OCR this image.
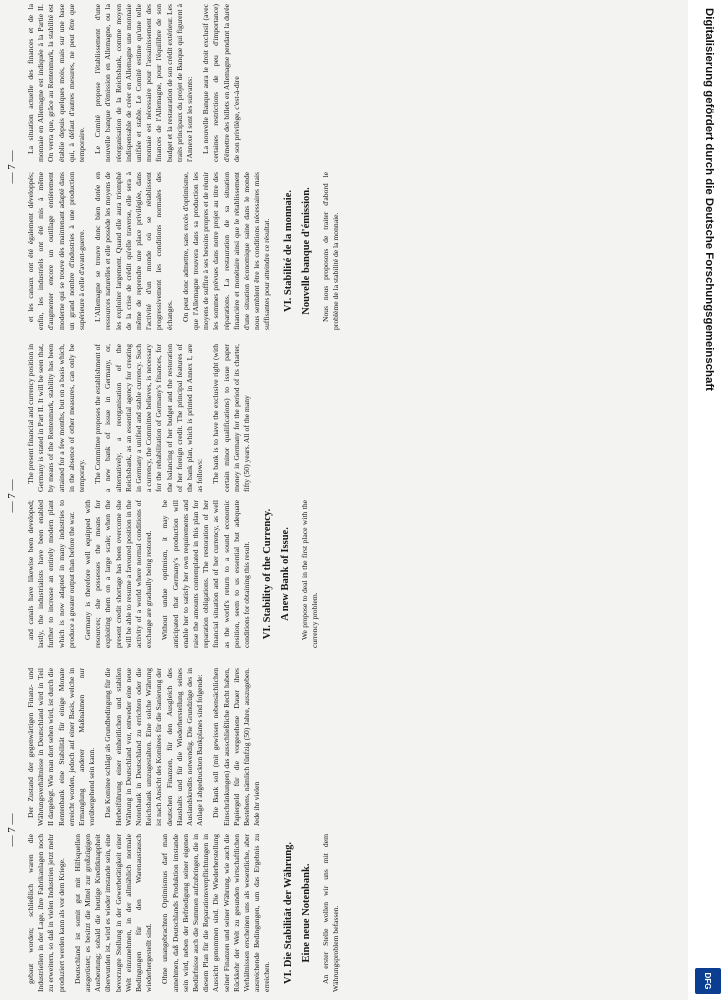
— 7 —

gebaut worden; schließlich waren die Industriellen in der Lage, ihre Fabrikanlagen noch zu erweitern, so daß in vielen Industrien jetzt mehr produziert werden kann als vor dem Kriege. Deutschland ist somit gut mit Hilfsquellen ausgerüstet; es besitzt die Mittel zur großzügigen Ausbeutung; sobald die heutige Kreditknappheit überwunden ist, wird es wieder imstande sein, eine bevorzugte Stellung in der Gewerbetätigkeit einer Welt einzunehmen, in der allmählich normale Bedingungen für den Warenaustausch wiederhergestellt sind. Ohne unangebrachten Optimismus darf man annehmen, daß Deutschlands Produktion imstande sein wird, neben der Befriedigung seiner eigenen Bedürfnisse auch die Summen aufzubringen, die in diesem Plan für die Reparationsverpflichtungen in Aussicht genommen sind. Die Wiederherstellung seiner Finanzen und seiner Währung, wie auch die Rückkehr der Welt zu gesunden wirtschaftlichen Verhältnissen erscheinen uns als wesentliche, aber ausreichende Bedingungen, um das Ergebnis zu erreichen. VI. Die Stabilität der Währung. Eine neue Notenbank. An erster Stelle wollen wir uns mit dem Währungsproblem befassen.

Der Zustand der gegenwärtigen Finanz- und Währungsverhältnisse in Deutschland wird in Teil II dargelegt. Wie man dort sehen wird, ist durch die Rentenbank eine Stabilität für einige Monate erreicht worden, jedoch auf einer Basis, welche in Ermanglung anderer Maßnahmen nur vorübergehend sein kann. Das Komitee schlägt als Grundbedingung für die Herbeiführung einer einheitlichen und stabilen Währung in Deutschland vor, entweder eine neue Notenbank in Deutschland zu errichten oder die Reichsbank umzugestalten. Eine solche Währung ist nach Ansicht des Komitees für die Sanierung der deutschen Finanzen, für den Ausgleich des Haushalts und für die Wiederherstellung seines Auslandskredits notwendig. Die Grundzüge des in Anlage I abgedruckten Bankplanes sind folgende: Die Bank soll (mit gewissen nebensächlichen Einschränkungen) das ausschließliche Recht haben, Papiergeld für die vorgesehene Dauer ihres Bestehens, nämlich fünfzig (50) Jahre, auszugeben. Jede ihr vielen

— 7 —

and canals have likewise been developed; lastly, the industrialists have been enabled further to increase an entirely modern plant which is now adapted in many industries to produce a greater output than before the war. Germany is therefore well equipped with resources; she possesses the means for exploiting them on a large scale; when the present credit shortage has been overcome she will be able to resume a favoured position in the activity of a world where normal conditions of exchange are gradually being restored. Without undue optimism, it may be anticipated that Germany's production will enable her to satisfy her own requirements and raise the amounts contemplated in this plan for reparation obligations. The restoration of her financial situation and of her currency, as well as the world's return to a sound economic position, seem to us essential but adequate conditions for obtaining this result. VI. Stability of the Currency. A new Bank of Issue. We propose to deal in the first place with the currency problem.

The present financial and currency position in Germany is stated in Part II. It will be seen that, by means of the Rentenmark, stability has been attained for a few months, but on a basis which, in the absence of other measures, can only be temporary. The Committee proposes the establishment of a new bank of issue in Germany, or, alternatively, a reorganisation of the Reichsbank, as an essential agency for creating in Germany a unified and stable currency. Such a currency, the Committee believes, is necessary for the rehabilitation of Germany's finances, for the balancing of her budget and the restoration of her foreign credit. The principal features of the bank plan, which is printed in Annex I, are as follows: The bank is to have the exclusive right (with certain minor qualifications) to issue paper money in Germany for the period of its charter, fifty (50) years. All of the many

— 7 —

et les canaux ont été également développés; enfin, les industriels ont été mis à même d'augmenter encore un outillage entièrement moderne qui se trouve dès maintenant adapté dans un grand nombre d'industries à une production supérieure à celle d'avant-guerre. L'Allemagne se trouve donc bien dotée en ressources naturelles et elle possède les moyens de les exploiter largement. Quand elle aura triomphé de la crise de crédit qu'elle traverse, elle sera à même de reprendre une place privilégiée, dans l'activité d'un monde où se rétablissent progressivement les conditions normales des échanges. On peut donc admettre, sans excès d'optimisme, que l'Allemagne trouvera dans sa production les moyens de suffire à ses besoins propres et de réunir les sommes prévues dans notre projet au titre des réparations. La restauration de sa situation financière et monétaire ainsi que le rétablissement d'une situation économique saine dans le monde nous semblent être les conditions nécessaires mais suffisantes pour atteindre ce résultat. VI. Stabilité de la monnaie. Nouvelle banque d'émission. Nous nous proposons de traiter d'abord le problème de la stabilité de la monnaie.

La situation actuelle des finances et de la monnaie en Allemagne est indiquée à la Partie II. On verra que, grâce au Rentenmark, la stabilité est établie depuis quelques mois, mais sur une base qui, à défaut d'autres mesures, ne peut être que temporaire. Le Comité propose l'établissement d'une nouvelle banque d'émission en Allemagne, ou la réorganisation de la Reichsbank, comme moyen indispensable de créer en Allemagne une monnaie unifiée et stable. Le Comité estime qu'une telle monnaie est nécessaire pour l'assainissement des finances de l'Allemagne, pour l'équilibre de son budget et la restauration de son crédit extérieur. Les traits principaux du projet de Banque qui figurent à l'Annexe I sont les suivants: La nouvelle Banque aura le droit exclusif (avec certaines restrictions de peu d'importance) d'émettre des billets en Allemagne pendant la durée de son privilège, c'est-à-dire	Digitalisierung gefördert durch die Deutsche Forschungsgemeinschaft
DFG
